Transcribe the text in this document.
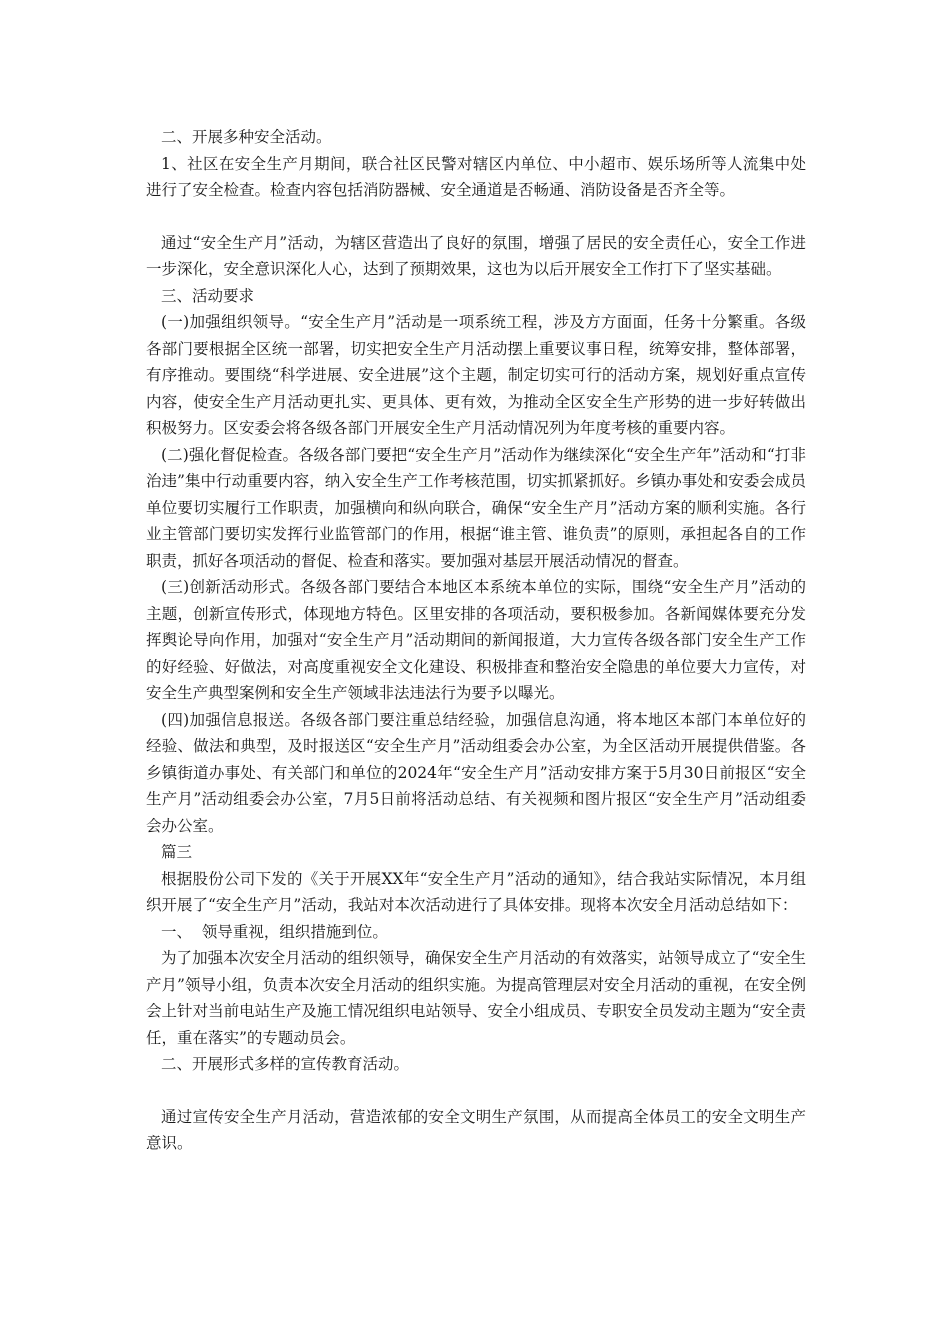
二、开展多种安全活动。

1、社区在安全生产月期间，联合社区民警对辖区内单位、中小超市、娱乐场所等人流集中处进行了安全检查。检查内容包括消防器械、安全通道是否畅通、消防设备是否齐全等。

通过“安全生产月”活动，为辖区营造出了良好的氛围，增强了居民的安全责任心，安全工作进一步深化，安全意识深化人心，达到了预期效果，这也为以后开展安全工作打下了坚实基础。

三、活动要求

(一)加强组织领导。“安全生产月”活动是一项系统工程，涉及方方面面，任务十分繁重。各级各部门要根据全区统一部署，切实把安全生产月活动摆上重要议事日程，统筹安排，整体部署，有序推动。要围绕“科学进展、安全进展”这个主题，制定切实可行的活动方案，规划好重点宣传内容，使安全生产月活动更扎实、更具体、更有效，为推动全区安全生产形势的进一步好转做出积极努力。区安委会将各级各部门开展安全生产月活动情况列为年度考核的重要内容。

(二)强化督促检查。各级各部门要把“安全生产月”活动作为继续深化“安全生产年”活动和“打非治违”集中行动重要内容，纳入安全生产工作考核范围，切实抓紧抓好。乡镇办事处和安委会成员单位要切实履行工作职责，加强横向和纵向联合，确保“安全生产月”活动方案的顺利实施。各行业主管部门要切实发挥行业监管部门的作用，根据“谁主管、谁负责”的原则，承担起各自的工作职责，抓好各项活动的督促、检查和落实。要加强对基层开展活动情况的督查。

(三)创新活动形式。各级各部门要结合本地区本系统本单位的实际，围绕“安全生产月”活动的主题，创新宣传形式，体现地方特色。区里安排的各项活动，要积极参加。各新闻媒体要充分发挥舆论导向作用，加强对“安全生产月”活动期间的新闻报道，大力宣传各级各部门安全生产工作的好经验、好做法，对高度重视安全文化建设、积极排查和整治安全隐患的单位要大力宣传，对安全生产典型案例和安全生产领域非法违法行为要予以曝光。

(四)加强信息报送。各级各部门要注重总结经验，加强信息沟通，将本地区本部门本单位好的经验、做法和典型，及时报送区“安全生产月”活动组委会办公室，为全区活动开展提供借鉴。各乡镇街道办事处、有关部门和单位的2024年“安全生产月”活动安排方案于5月30日前报区“安全生产月”活动组委会办公室，7月5日前将活动总结、有关视频和图片报区“安全生产月”活动组委会办公室。

篇三

根据股份公司下发的《关于开展XX年“安全生产月”活动的通知》，结合我站实际情况，本月组织开展了“安全生产月”活动，我站对本次活动进行了具体安排。现将本次安全月活动总结如下：

一、  领导重视，组织措施到位。

为了加强本次安全月活动的组织领导，确保安全生产月活动的有效落实，站领导成立了“安全生产月”领导小组，负责本次安全月活动的组织实施。为提高管理层对安全月活动的重视，在安全例会上针对当前电站生产及施工情况组织电站领导、安全小组成员、专职安全员发动主题为“安全责任，重在落实”的专题动员会。

二、开展形式多样的宣传教育活动。

通过宣传安全生产月活动，营造浓郁的安全文明生产氛围，从而提高全体员工的安全文明生产意识。
